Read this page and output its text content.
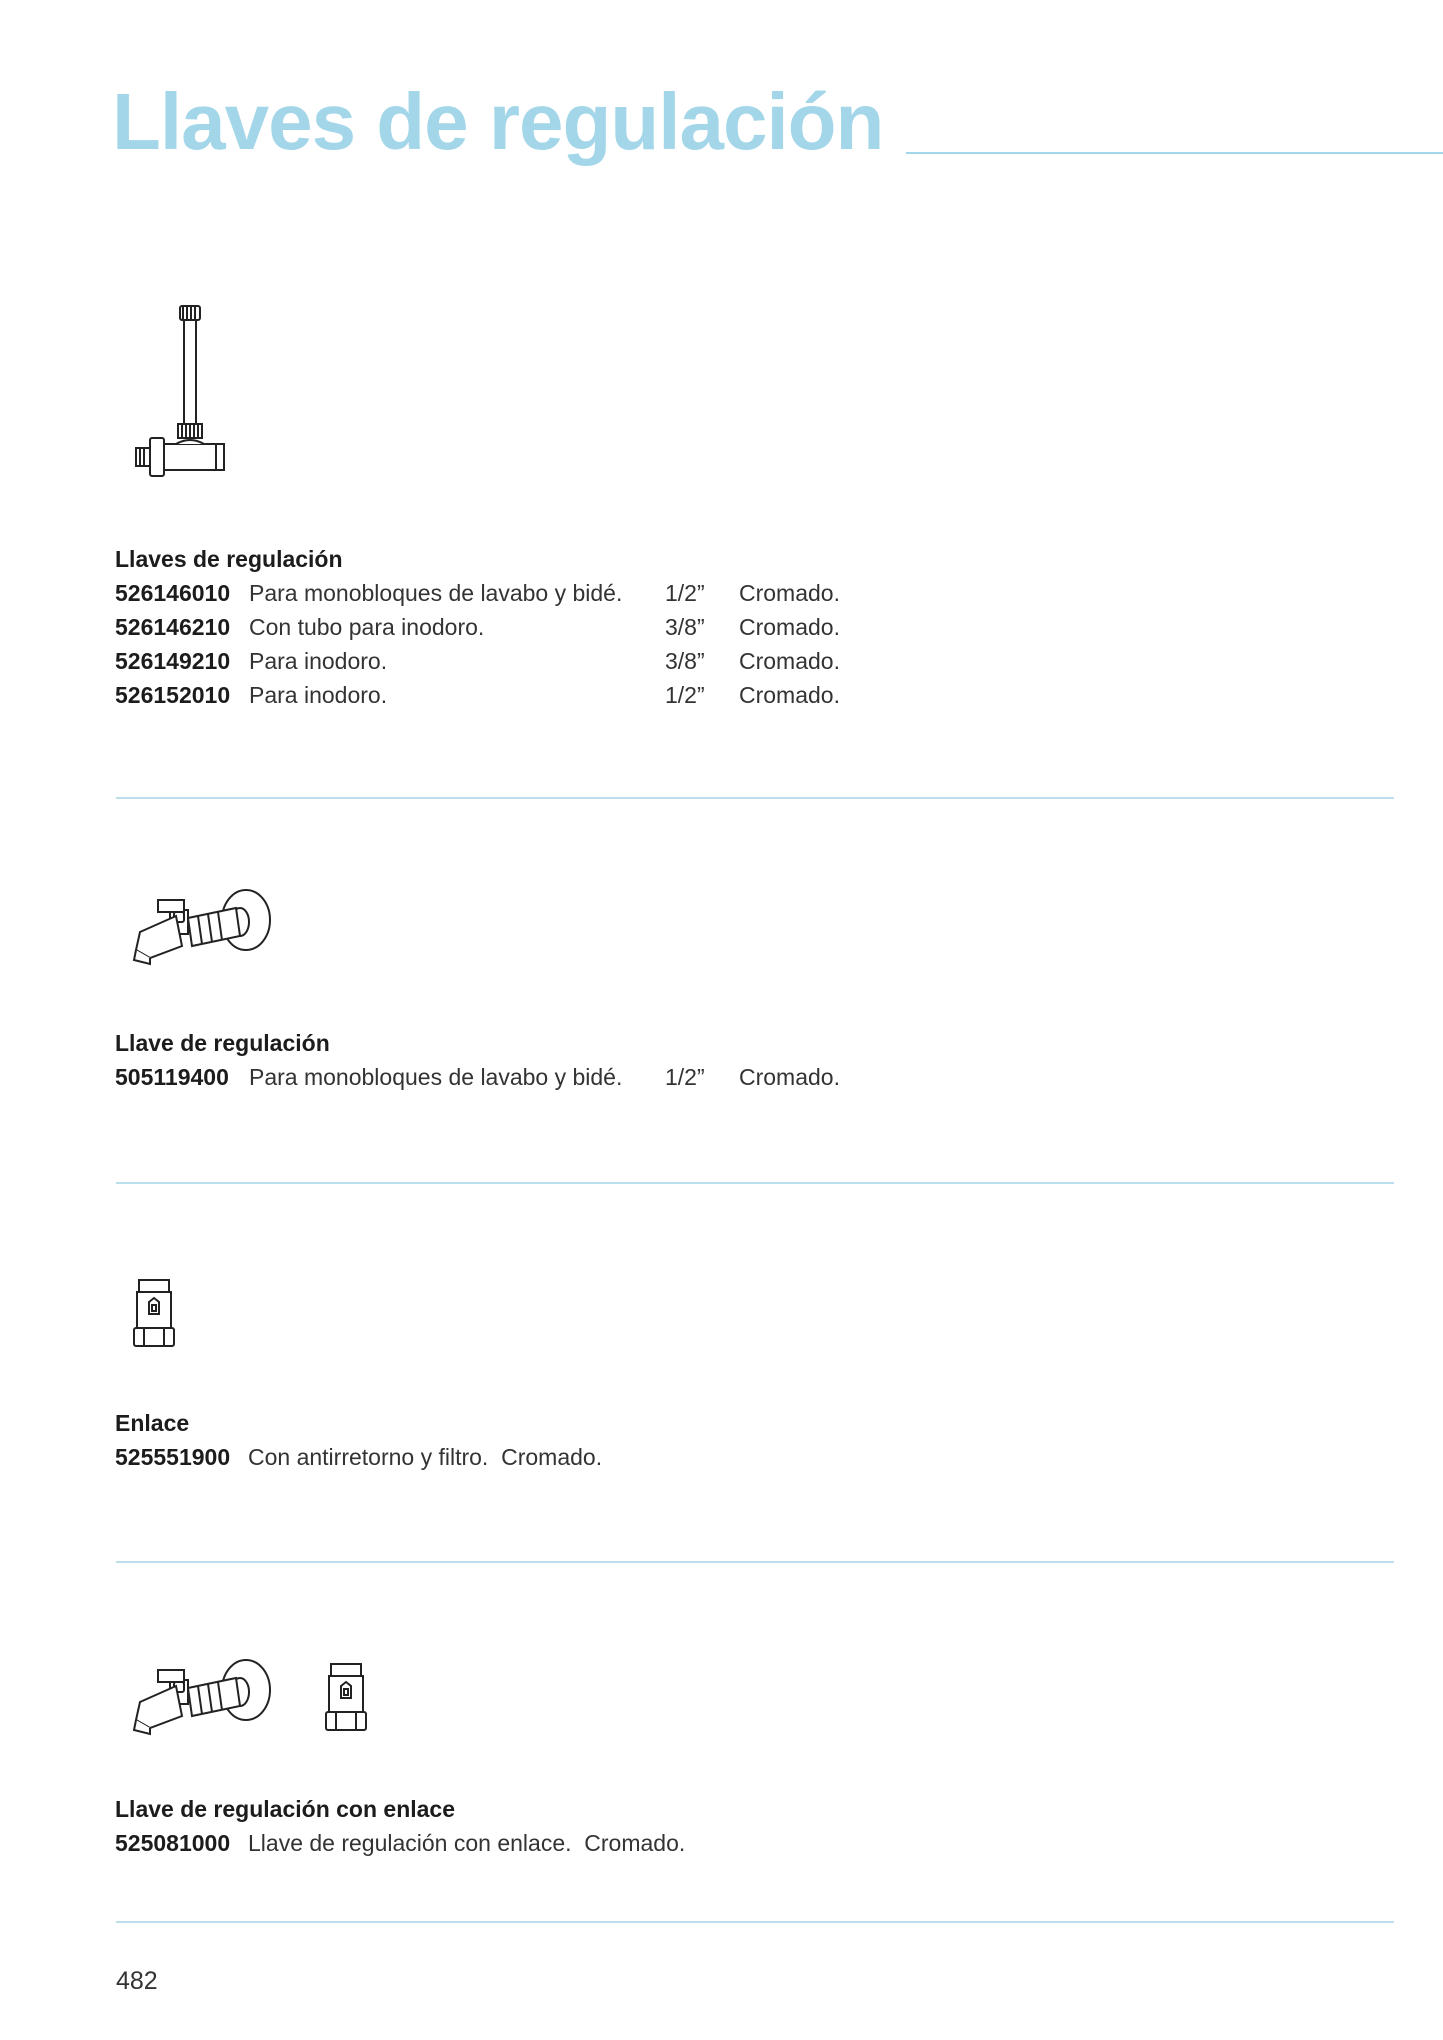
Llaves de regulación
Llaves de regulación
526146010 Para monobloques de lavabo y bidé. 1/2” Cromado.
526146210 Con tubo para inodoro.	3/8” Cromado.
526149210 Para inodoro.	3/8” Cromado.
526152010 Para inodoro.	1/2” Cromado.
Llave de regulación
505119400 Para monobloques de lavabo y bidé. 1/2” Cromado.
Enlace
525551900 Con antirretorno y filtro.  Cromado.
Llave de regulación con enlace
525081000 Llave de regulación con enlace.  Cromado.
482
